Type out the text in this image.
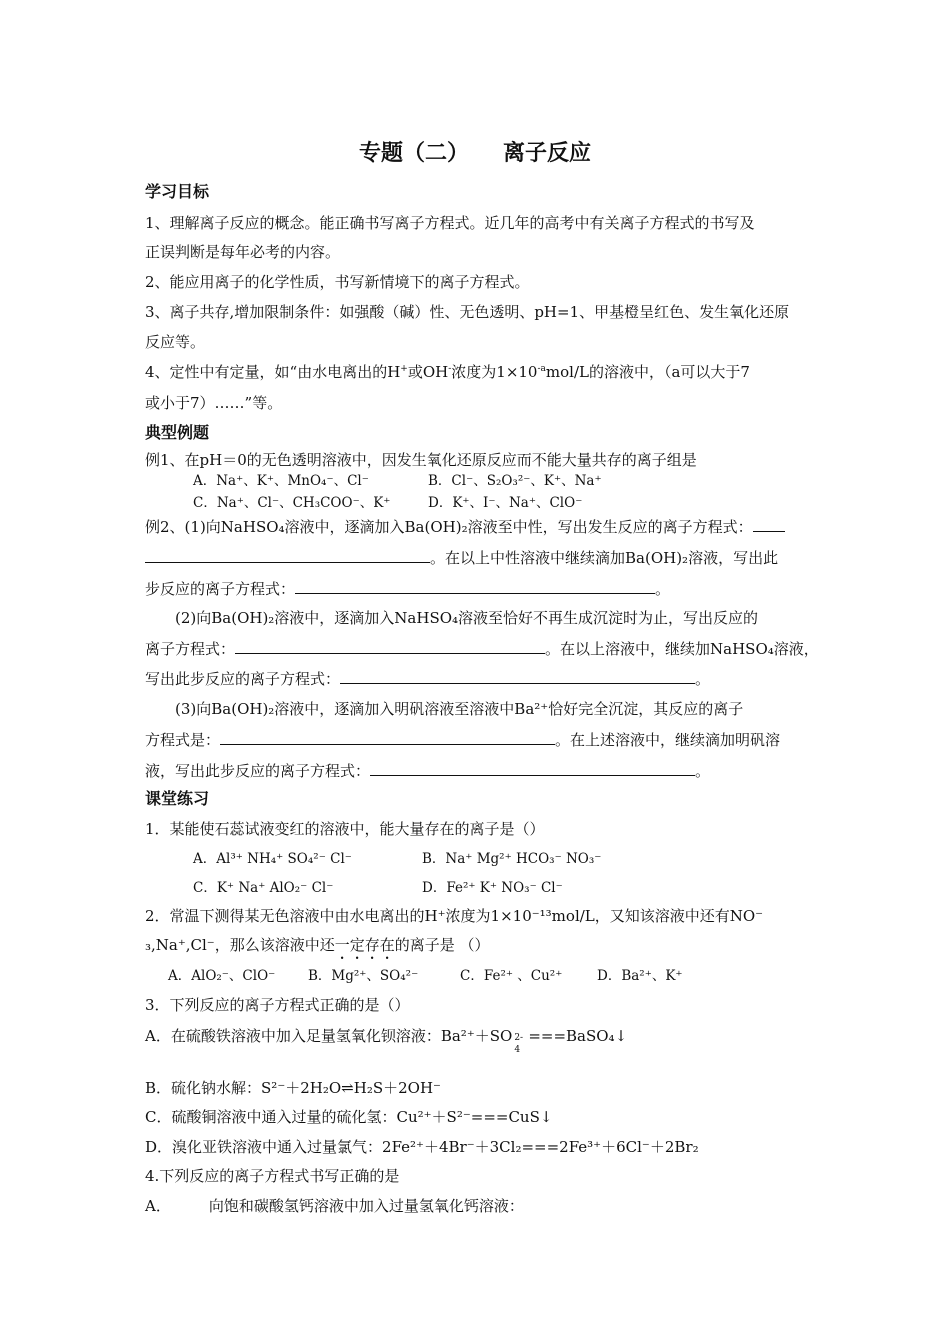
专题（二） 离子反应
学习目标
1、理解离子反应的概念。能正确书写离子方程式。近几年的高考中有关离子方程式的书写及
正误判断是每年必考的内容。
2、能应用离子的化学性质，书写新情境下的离子方程式。
3、离子共存,增加限制条件：如强酸（碱）性、无色透明、pH=1、甲基橙呈红色、发生氧化还原
反应等。
4、定性中有定量，如“由水电离出的H+或OH-浓度为$1\times 10^{-a}mol/L$的溶液中，（a可以大于7
或小于7）……”等。
典型例题
例1、在pH＝0的无色透明溶液中，因发生氧化还原反应而不能大量共存的离子组是
A．Na⁺、K⁺、MnO₄⁻、Cl⁻	B．Cl⁻、S₂O₃²⁻、K⁺、Na⁺
C．Na⁺、Cl⁻、CH₃COO⁻、K⁺	D．K⁺、I⁻、Na⁺、ClO⁻
例2、(1)向NaHSO₄溶液中，逐滴加入Ba(OH)₂溶液至中性，写出发生反应的离子方程式：
。在以上中性溶液中继续滴加Ba(OH)₂溶液，写出此
步反应的离子方程式：	。
(2)向Ba(OH)₂溶液中，逐滴加入NaHSO₄溶液至恰好不再生成沉淀时为止，写出反应的
离子方程式：	。在以上溶液中，继续加NaHSO₄溶液，
写出此步反应的离子方程式：	。
(3)向Ba(OH)₂溶液中，逐滴加入明矾溶液至溶液中Ba²⁺恰好完全沉淀，其反应的离子
方程式是：	。在上述溶液中，继续滴加明矾溶
液，写出此步反应的离子方程式：	。
课堂练习
1．某能使石蕊试液变红的溶液中，能大量存在的离子是（）
A．Al³⁺ NH₄⁺ SO₄²⁻ Cl⁻	B．Na⁺ Mg²⁺ HCO₃⁻ NO₃⁻
C．K⁺ Na⁺ AlO₂⁻ Cl⁻	D．Fe²⁺ K⁺ NO₃⁻ Cl⁻
2．常温下测得某无色溶液中由水电离出的H⁺浓度为1×10⁻¹³mol/L，又知该溶液中还有NO⁻
₃,Na⁺,Cl⁻，那么该溶液中还一定存在的离子是 （）
A．AlO₂⁻、ClO⁻ B．Mg²⁺、SO₄²⁻	C．Fe²⁺ 、Cu²⁺	D．Ba²⁺、K⁺
3．下列反应的离子方程式正确的是（）
A．在硫酸铁溶液中加入足量氢氧化钡溶液：Ba²⁺＋SO 2-
4
===BaSO₄↓
B．硫化钠水解：S²⁻＋2H₂O⇌H₂S＋2OH⁻
C．硫酸铜溶液中通入过量的硫化氢：Cu²⁺＋S²⁻===CuS↓
D．溴化亚铁溶液中通入过量氯气：2Fe²⁺＋4Br⁻＋3Cl₂===2Fe³⁺＋6Cl⁻＋2Br₂
4.下列反应的离子方程式书写正确的是
A．	向饱和碳酸氢钙溶液中加入过量氢氧化钙溶液：
